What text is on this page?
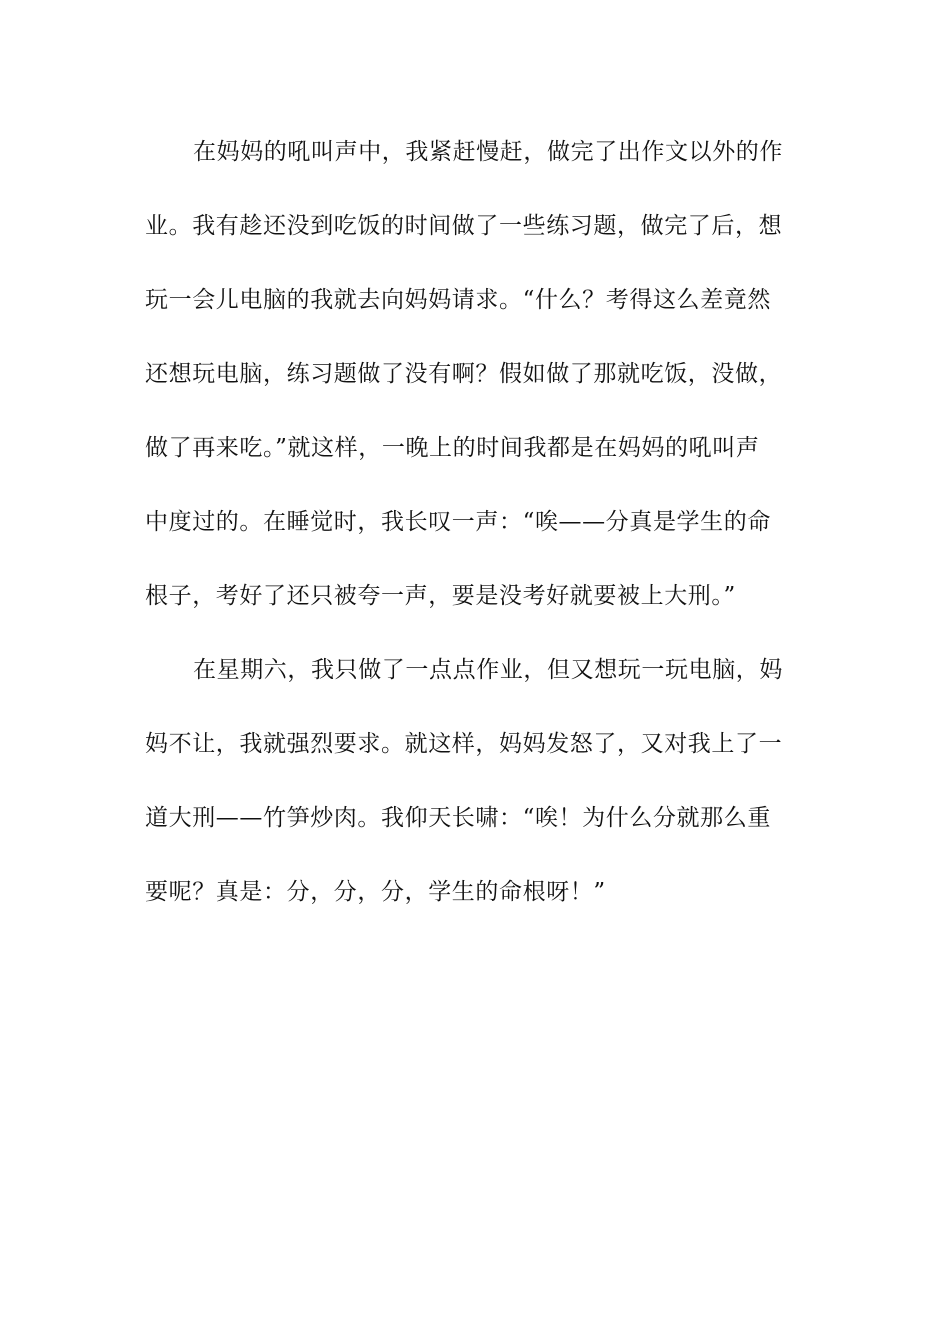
在妈妈的吼叫声中，我紧赶慢赶，做完了出作文以外的作
业。我有趁还没到吃饭的时间做了一些练习题，做完了后，想
玩一会儿电脑的我就去向妈妈请求。“什么？考得这么差竟然
还想玩电脑，练习题做了没有啊？假如做了那就吃饭，没做，
做了再来吃。”就这样，一晚上的时间我都是在妈妈的吼叫声
中度过的。在睡觉时，我长叹一声：“唉——分真是学生的命
根子，考好了还只被夸一声，要是没考好就要被上大刑。”
在星期六，我只做了一点点作业，但又想玩一玩电脑，妈
妈不让，我就强烈要求。就这样，妈妈发怒了，又对我上了一
道大刑——竹笋炒肉。我仰天长啸：“唉！为什么分就那么重
要呢？真是：分，分，分，学生的命根呀！”
